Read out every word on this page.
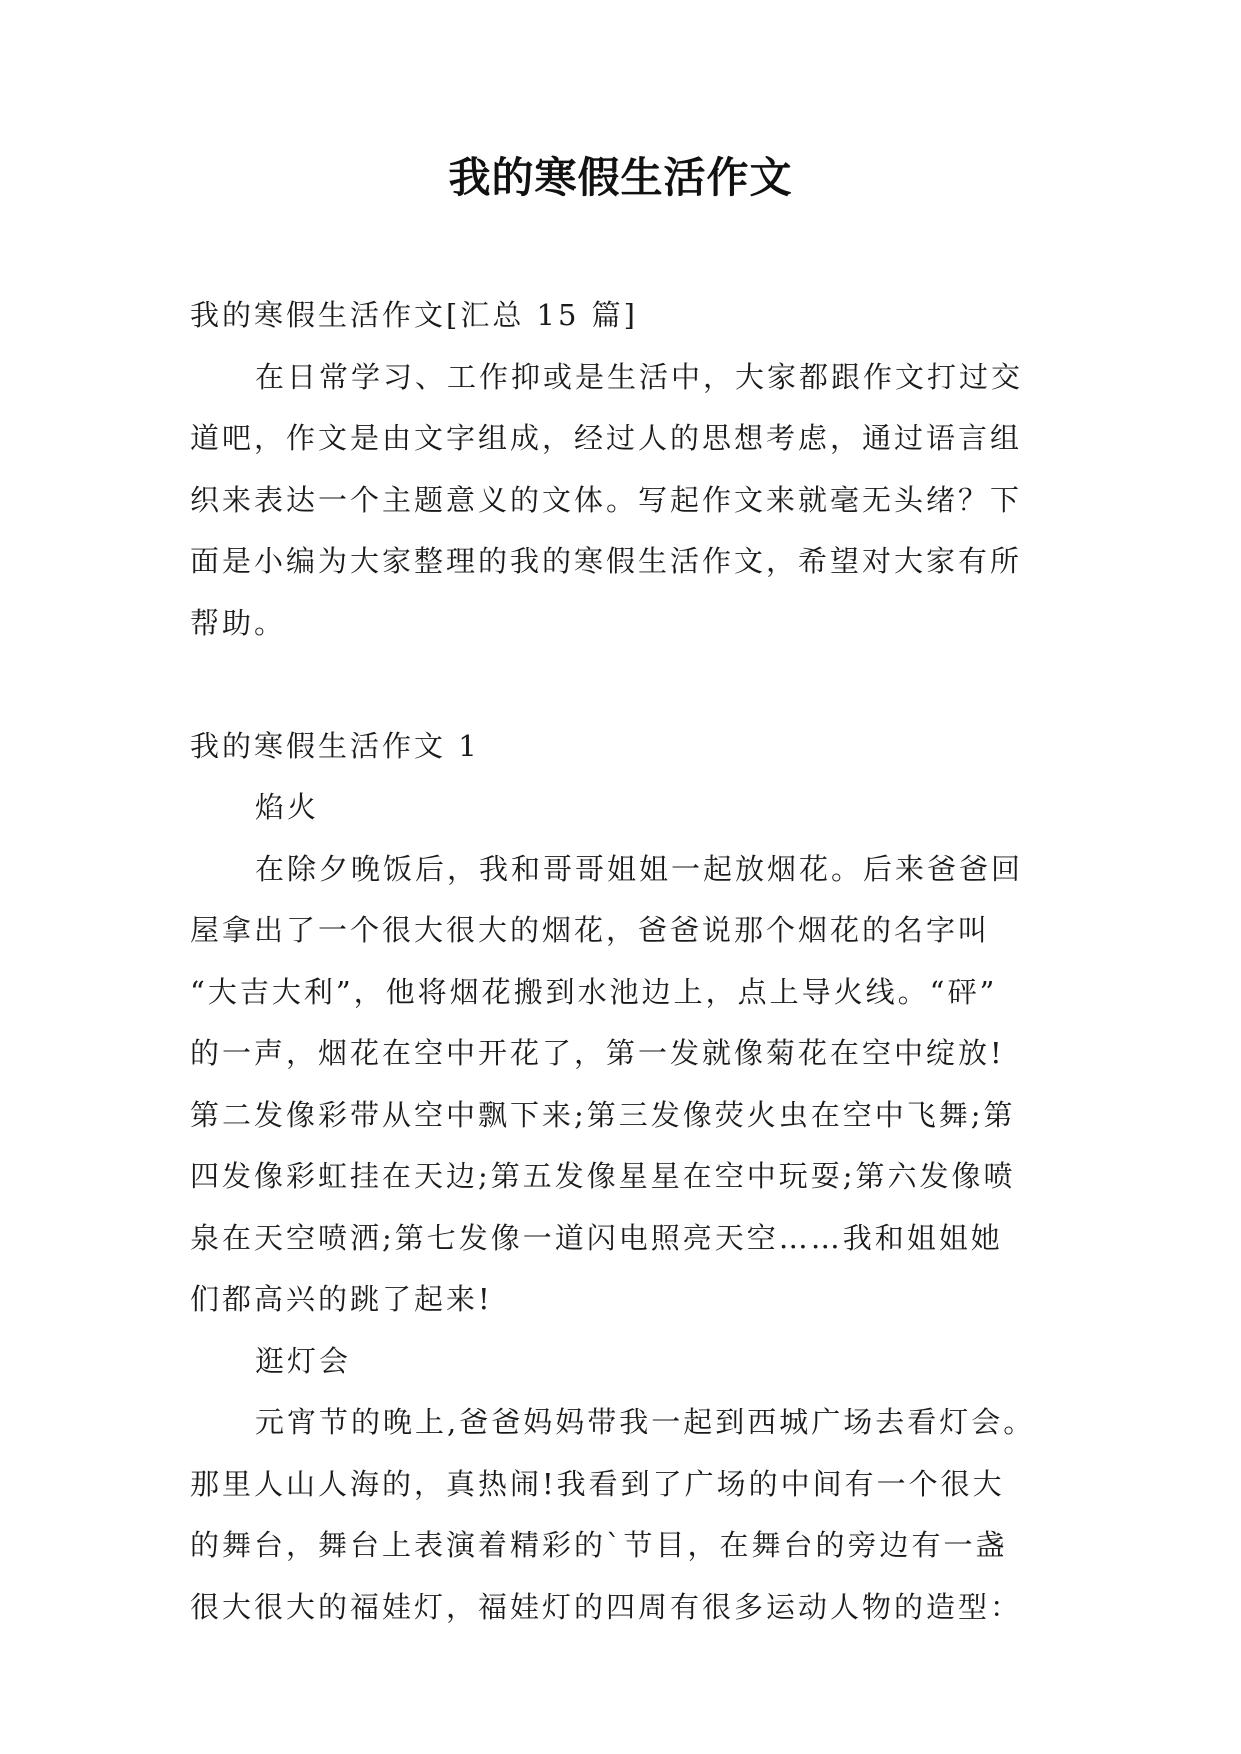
我的寒假生活作文
我的寒假生活作文[汇总 15 篇]
在日常学习、工作抑或是生活中，大家都跟作文打过交
道吧，作文是由文字组成，经过人的思想考虑，通过语言组
织来表达一个主题意义的文体。写起作文来就毫无头绪？下
面是小编为大家整理的我的寒假生活作文，希望对大家有所
帮助。
我的寒假生活作文 1
焰火
在除夕晚饭后，我和哥哥姐姐一起放烟花。后来爸爸回
屋拿出了一个很大很大的烟花，爸爸说那个烟花的名字叫
“大吉大利”，他将烟花搬到水池边上，点上导火线。“砰”
的一声，烟花在空中开花了，第一发就像菊花在空中绽放!
第二发像彩带从空中飘下来;第三发像荧火虫在空中飞舞;第
四发像彩虹挂在天边;第五发像星星在空中玩耍;第六发像喷
泉在天空喷洒;第七发像一道闪电照亮天空……我和姐姐她
们都高兴的跳了起来!
逛灯会
元宵节的晚上,爸爸妈妈带我一起到西城广场去看灯会。
那里人山人海的，真热闹!我看到了广场的中间有一个很大
的舞台，舞台上表演着精彩的`节目，在舞台的旁边有一盏
很大很大的福娃灯，福娃灯的四周有很多运动人物的造型：
